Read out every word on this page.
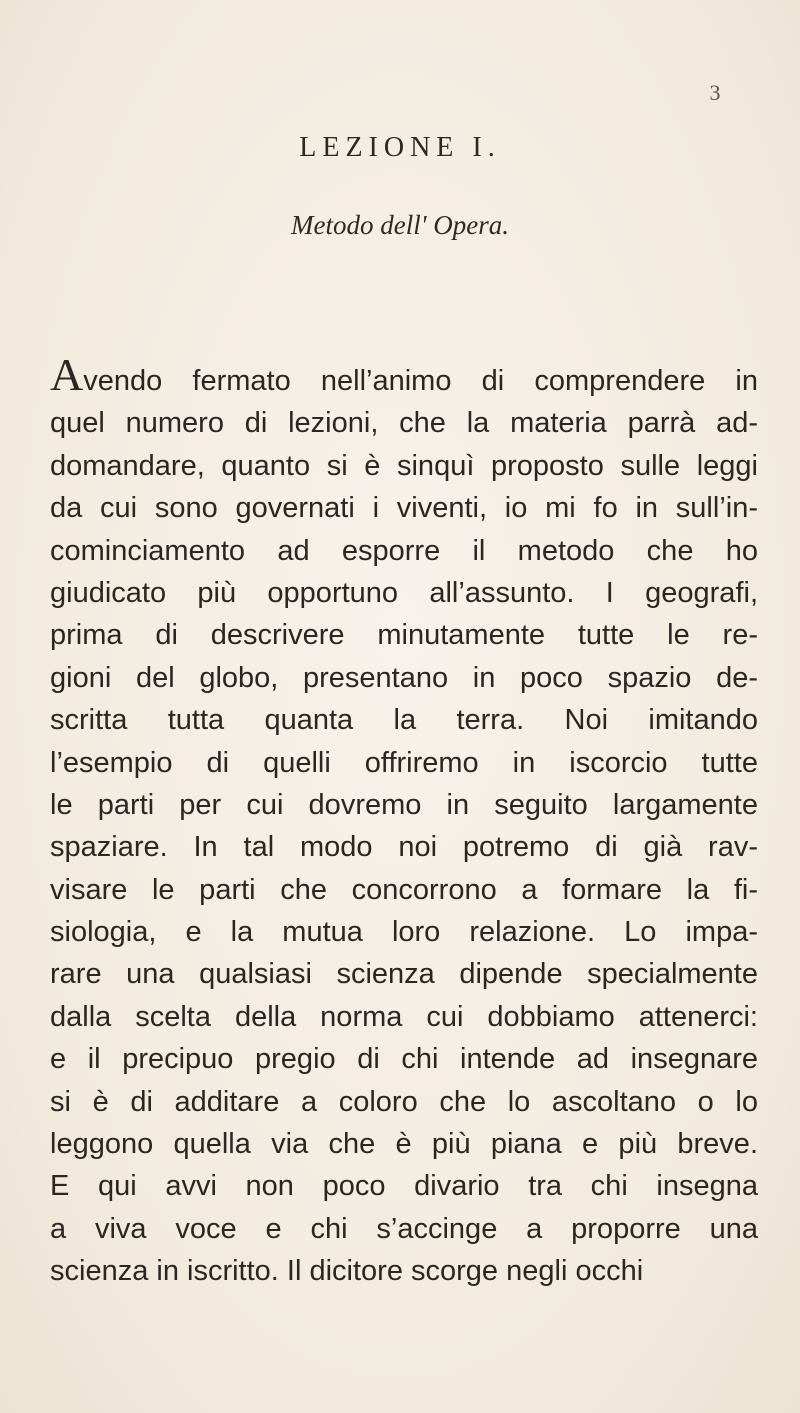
3
LEZIONE I.
Metodo dell' Opera.
Avendo fermato nell’animo di comprendere in
quel numero di lezioni, che la materia parrà ad-
domandare, quanto si è sinquì proposto sulle leggi
da cui sono governati i viventi, io mi fo in sull’in-
cominciamento ad esporre il metodo che ho
giudicato più opportuno all’assunto. I geografi,
prima di descrivere minutamente tutte le re-
gioni del globo, presentano in poco spazio de-
scritta tutta quanta la terra. Noi imitando
l’esempio di quelli offriremo in iscorcio tutte
le parti per cui dovremo in seguito largamente
spaziare. In tal modo noi potremo di già rav-
visare le parti che concorrono a formare la fi-
siologia, e la mutua loro relazione. Lo impa-
rare una qualsiasi scienza dipende specialmente
dalla scelta della norma cui dobbiamo attenerci:
e il precipuo pregio di chi intende ad insegnare
si è di additare a coloro che lo ascoltano o lo
leggono quella via che è più piana e più breve.
E qui avvi non poco divario tra chi insegna
a viva voce e chi s’accinge a proporre una
scienza in iscritto. Il dicitore scorge negli occhi
